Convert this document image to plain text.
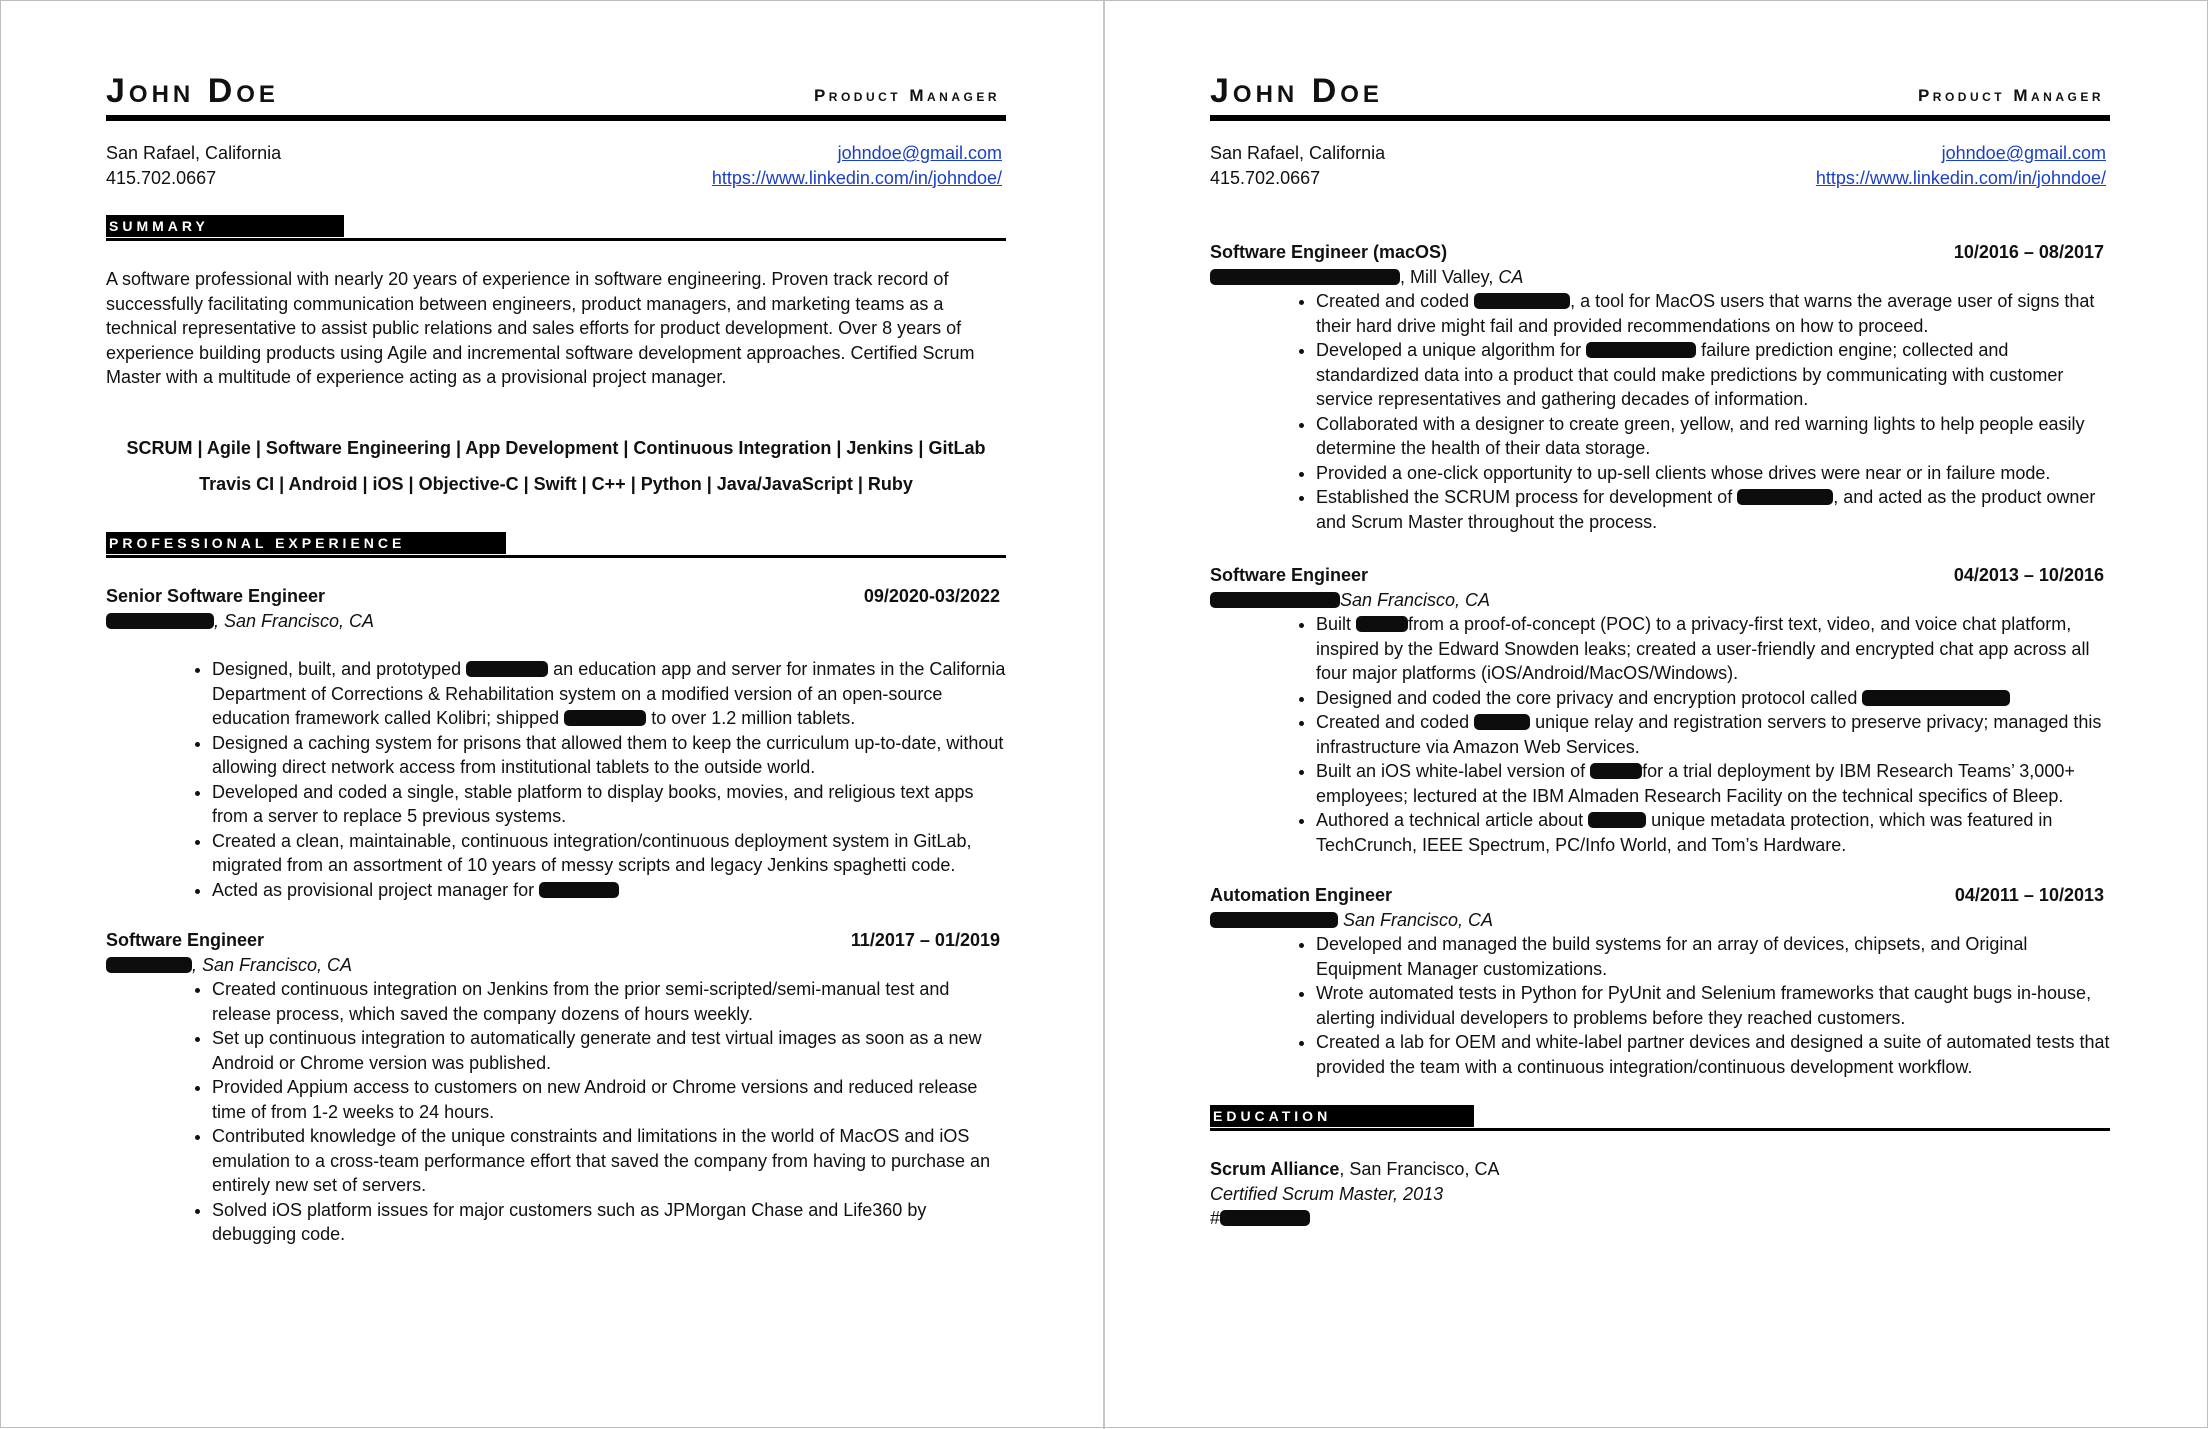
John Doe	Product Manager
San Rafael, California
415.702.0667
johndoe@gmail.com
https://www.linkedin.com/in/johndoe/
SUMMARY
A software professional with nearly 20 years of experience in software engineering. Proven track record of successfully facilitating communication between engineers, product managers, and marketing teams as a technical representative to assist public relations and sales efforts for product development. Over 8 years of experience building products using Agile and incremental software development approaches. Certified Scrum Master with a multitude of experience acting as a provisional project manager.
SCRUM | Agile | Software Engineering | App Development | Continuous Integration | Jenkins | GitLab
Travis CI | Android | iOS | Objective-C | Swift | C++ | Python | Java/JavaScript | Ruby
PROFESSIONAL EXPERIENCE
Senior Software Engineer	09/2020-03/2022
, San Francisco, CA
• Designed, built, and prototyped	an education app and server for inmates in the California Department of Corrections & Rehabilitation system on a modified version of an open-source education framework called Kolibri; shipped	to over 1.2 million tablets.
• Designed a caching system for prisons that allowed them to keep the curriculum up-to-date, without allowing direct network access from institutional tablets to the outside world.
• Developed and coded a single, stable platform to display books, movies, and religious text apps from a server to replace 5 previous systems.
• Created a clean, maintainable, continuous integration/continuous deployment system in GitLab, migrated from an assortment of 10 years of messy scripts and legacy Jenkins spaghetti code.
• Acted as provisional project manager for
Software Engineer	11/2017 – 01/2019
, San Francisco, CA
• Created continuous integration on Jenkins from the prior semi-scripted/semi-manual test and release process, which saved the company dozens of hours weekly.
• Set up continuous integration to automatically generate and test virtual images as soon as a new Android or Chrome version was published.
• Provided Appium access to customers on new Android or Chrome versions and reduced release time of from 1-2 weeks to 24 hours.
• Contributed knowledge of the unique constraints and limitations in the world of MacOS and iOS emulation to a cross-team performance effort that saved the company from having to purchase an entirely new set of servers.
• Solved iOS platform issues for major customers such as JPMorgan Chase and Life360 by debugging code.
John Doe	Product Manager
San Rafael, California
415.702.0667
johndoe@gmail.com
https://www.linkedin.com/in/johndoe/
Software Engineer (macOS)	10/2016 – 08/2017
, Mill Valley, CA
• Created and coded	, a tool for MacOS users that warns the average user of signs that their hard drive might fail and provided recommendations on how to proceed.
• Developed a unique algorithm for	failure prediction engine; collected and standardized data into a product that could make predictions by communicating with customer service representatives and gathering decades of information.
• Collaborated with a designer to create green, yellow, and red warning lights to help people easily determine the health of their data storage.
• Provided a one-click opportunity to up-sell clients whose drives were near or in failure mode.
• Established the SCRUM process for development of	, and acted as the product owner and Scrum Master throughout the process.
Software Engineer	04/2013 – 10/2016
San Francisco, CA
• Built	from a proof-of-concept (POC) to a privacy-first text, video, and voice chat platform, inspired by the Edward Snowden leaks; created a user-friendly and encrypted chat app across all four major platforms (iOS/Android/MacOS/Windows).
• Designed and coded the core privacy and encryption protocol called
• Created and coded	unique relay and registration servers to preserve privacy; managed this infrastructure via Amazon Web Services.
• Built an iOS white-label version of	for a trial deployment by IBM Research Teams’ 3,000+ employees; lectured at the IBM Almaden Research Facility on the technical specifics of Bleep.
• Authored a technical article about	unique metadata protection, which was featured in TechCrunch, IEEE Spectrum, PC/Info World, and Tom’s Hardware.
Automation Engineer	04/2011 – 10/2013
San Francisco, CA
• Developed and managed the build systems for an array of devices, chipsets, and Original Equipment Manager customizations.
• Wrote automated tests in Python for PyUnit and Selenium frameworks that caught bugs in-house, alerting individual developers to problems before they reached customers.
• Created a lab for OEM and white-label partner devices and designed a suite of automated tests that provided the team with a continuous integration/continuous development workflow.
EDUCATION
Scrum Alliance, San Francisco, CA
Certified Scrum Master, 2013
#
